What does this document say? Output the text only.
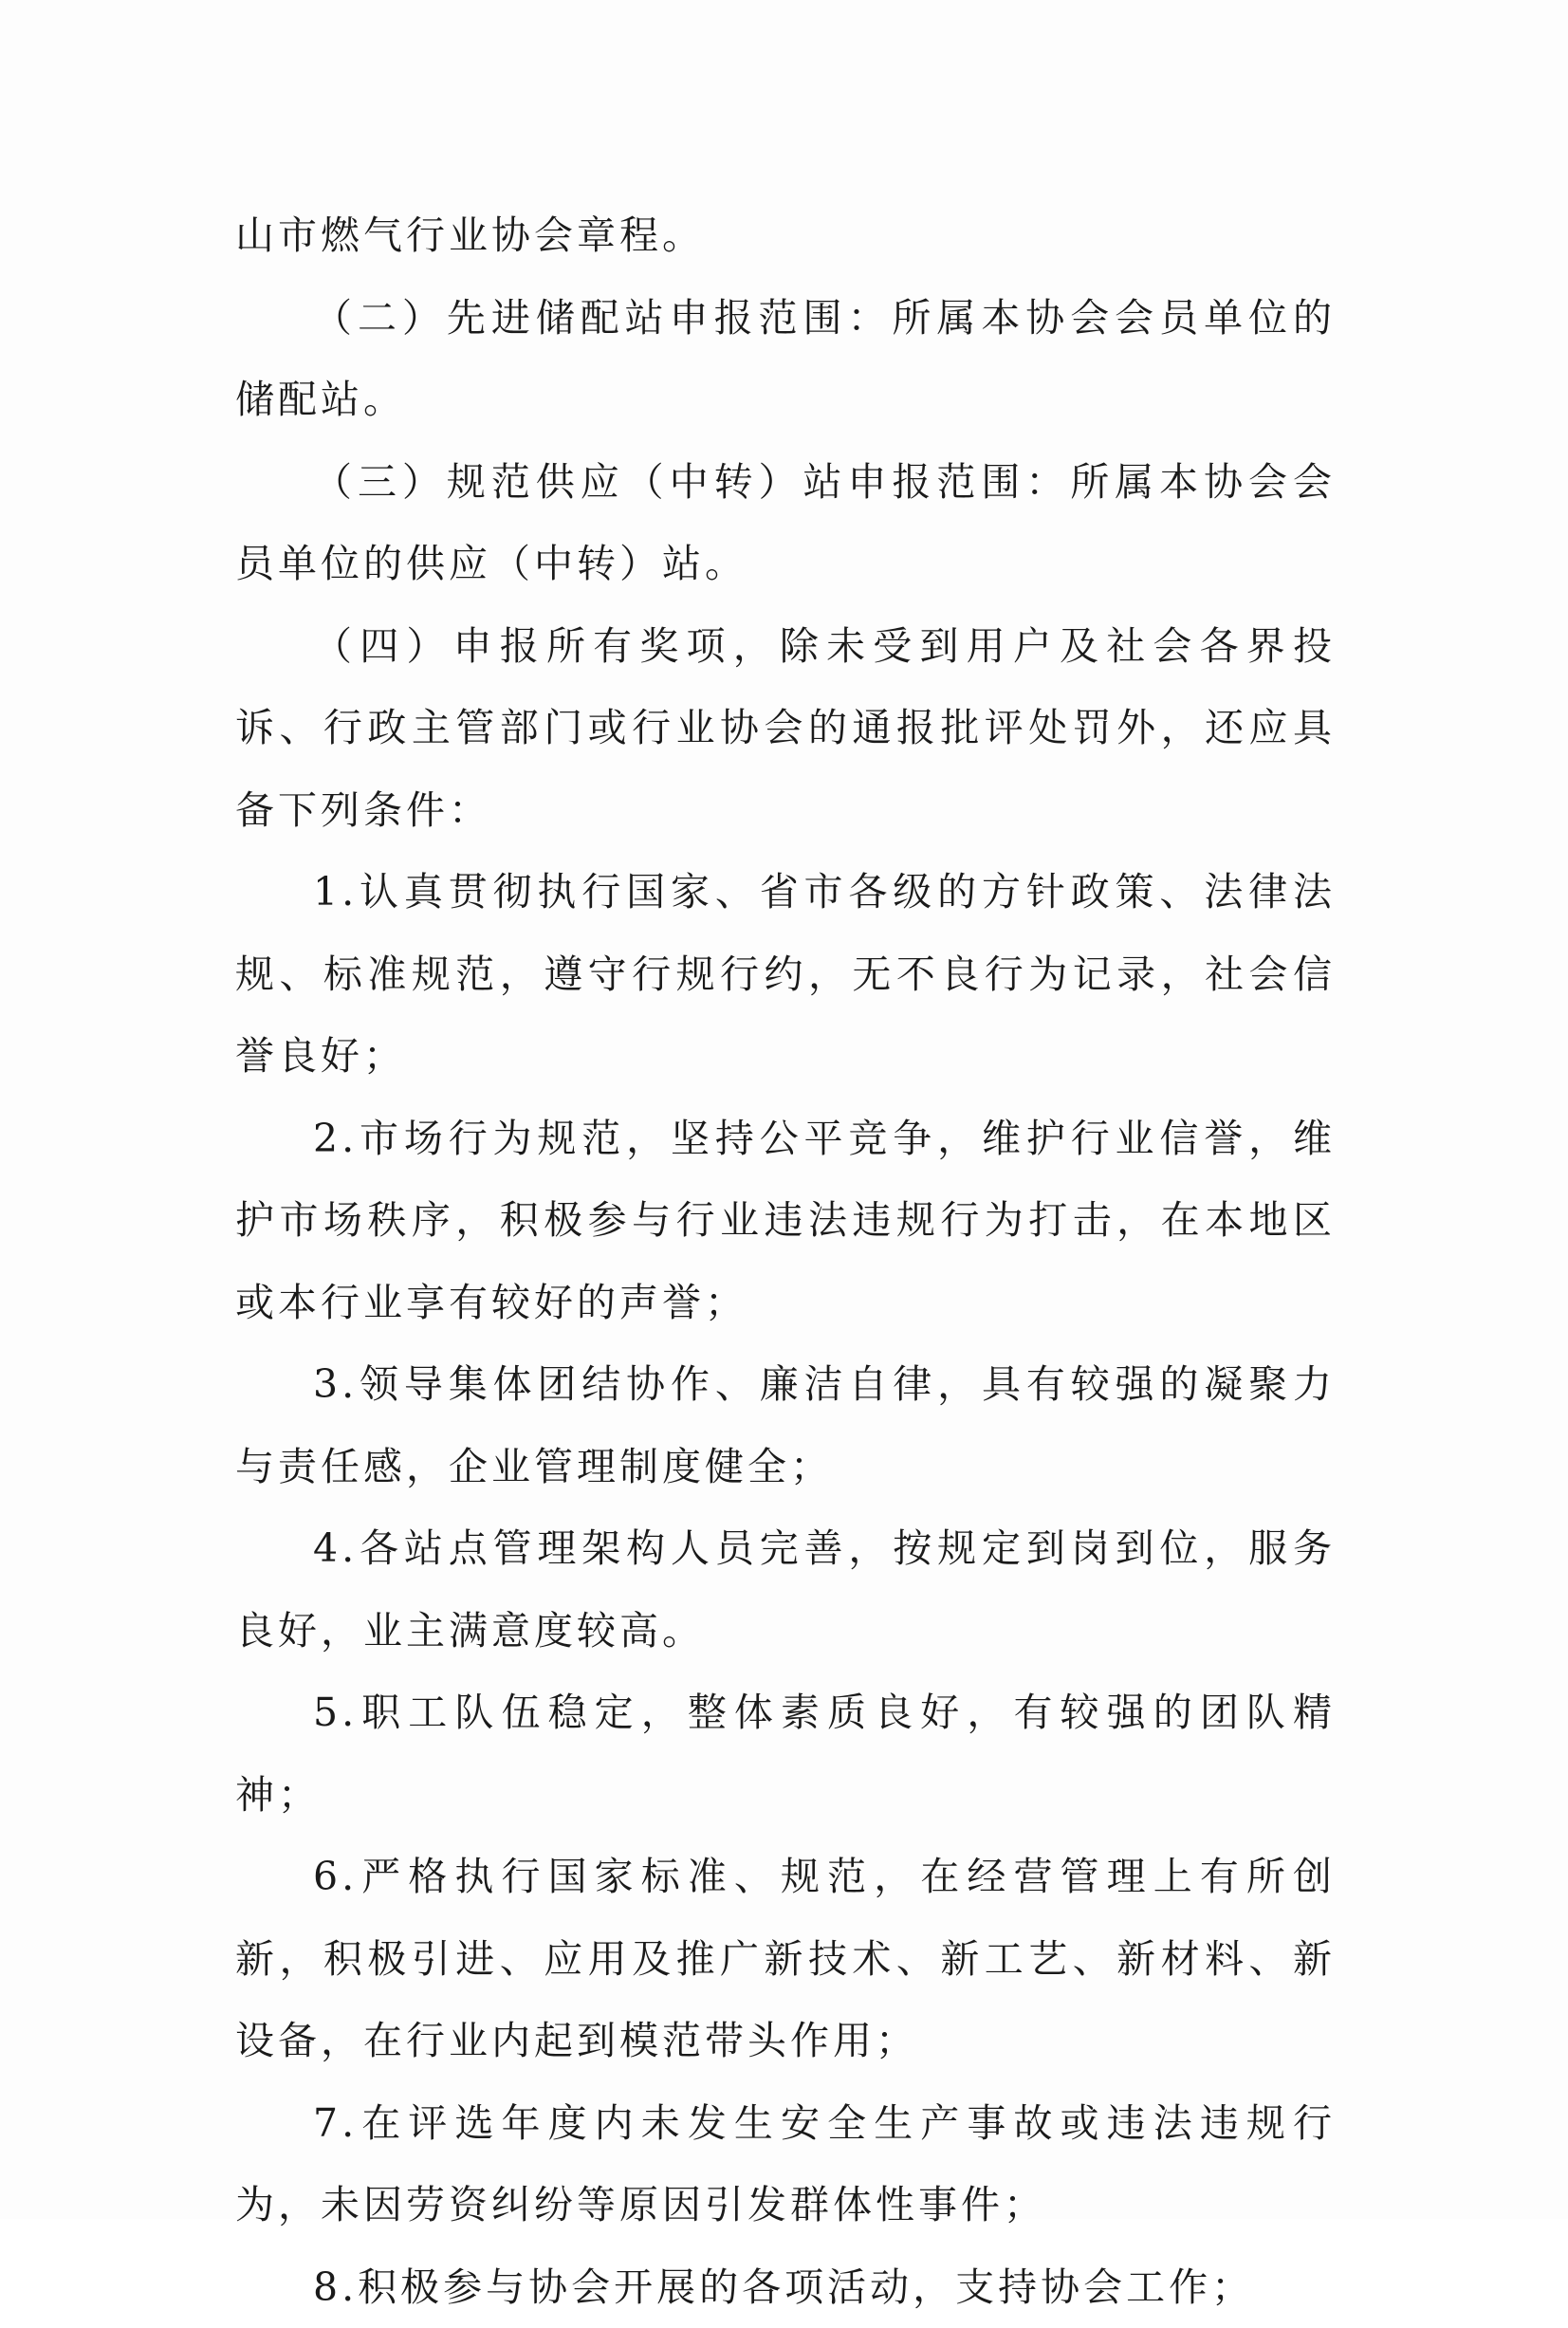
山市燃气行业协会章程。

（二）先进储配站申报范围：所属本协会会员单位的储配站。

（三）规范供应（中转）站申报范围：所属本协会会员单位的供应（中转）站。

（四）申报所有奖项，除未受到用户及社会各界投诉、行政主管部门或行业协会的通报批评处罚外，还应具备下列条件：

1.认真贯彻执行国家、省市各级的方针政策、法律法规、标准规范，遵守行规行约，无不良行为记录，社会信誉良好；

2.市场行为规范，坚持公平竞争，维护行业信誉，维护市场秩序，积极参与行业违法违规行为打击，在本地区或本行业享有较好的声誉；

3.领导集体团结协作、廉洁自律，具有较强的凝聚力与责任感，企业管理制度健全；

4.各站点管理架构人员完善，按规定到岗到位，服务良好，业主满意度较高。

5.职工队伍稳定，整体素质良好，有较强的团队精神；

6.严格执行国家标准、规范，在经营管理上有所创新，积极引进、应用及推广新技术、新工艺、新材料、新设备，在行业内起到模范带头作用；

7.在评选年度内未发生安全生产事故或违法违规行为，未因劳资纠纷等原因引发群体性事件；

8.积极参与协会开展的各项活动，支持协会工作；
